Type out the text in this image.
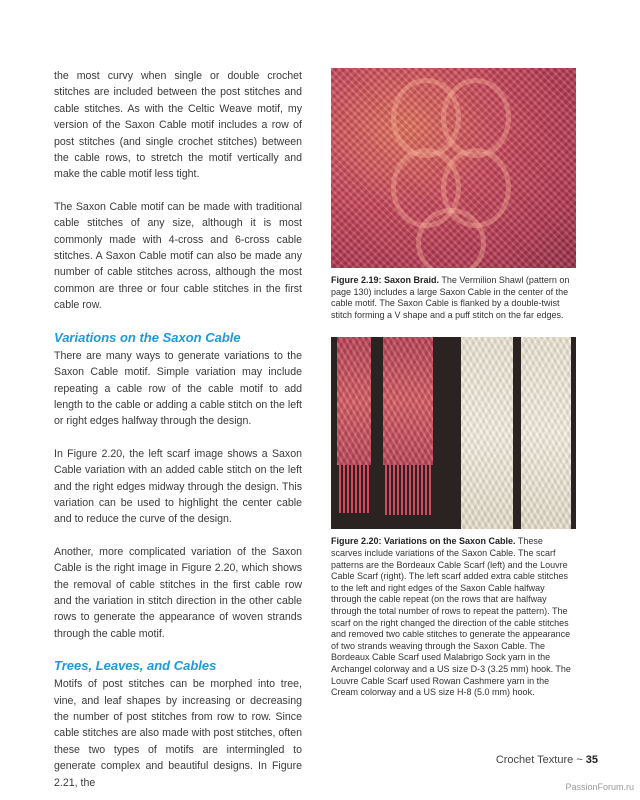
the most curvy when single or double crochet stitches are included between the post stitches and cable stitches. As with the Celtic Weave motif, my version of the Saxon Cable motif includes a row of post stitches (and single crochet stitches) between the cable rows, to stretch the motif vertically and make the cable motif less tight.

The Saxon Cable motif can be made with traditional cable stitches of any size, although it is most commonly made with 4-cross and 6-cross cable stitches. A Saxon Cable motif can also be made any number of cable stitches across, although the most common are three or four cable stitches in the first cable row.

Variations on the Saxon Cable

There are many ways to generate variations to the Saxon Cable motif. Simple variation may include repeating a cable row of the cable motif to add length to the cable or adding a cable stitch on the left or right edges halfway through the design.

In Figure 2.20, the left scarf image shows a Saxon Cable variation with an added cable stitch on the left and the right edges midway through the design. This variation can be used to highlight the center cable and to reduce the curve of the design.

Another, more complicated variation of the Saxon Cable is the right image in Figure 2.20, which shows the removal of cable stitches in the first cable row and the variation in stitch direction in the other cable rows to generate the appearance of woven strands through the cable motif.

Trees, Leaves, and Cables

Motifs of post stitches can be morphed into tree, vine, and leaf shapes by increasing or decreasing the number of post stitches from row to row. Since cable stitches are also made with post stitches, often these two types of motifs are intermingled to generate complex and beautiful designs. In Figure 2.21, the

Figure 2.19: Saxon Braid. The Vermilion Shawl (pattern on page 130) includes a large Saxon Cable in the center of the cable motif. The Saxon Cable is flanked by a double-twist stitch forming a V shape and a puff stitch on the far edges.

Figure 2.20: Variations on the Saxon Cable. These scarves include variations of the Saxon Cable. The scarf patterns are the Bordeaux Cable Scarf (left) and the Louvre Cable Scarf (right). The left scarf added extra cable stitches to the left and right edges of the Saxon Cable halfway through the cable repeat (on the rows that are halfway through the total number of rows to repeat the pattern). The scarf on the right changed the direction of the cable stitches and removed two cable stitches to generate the appearance of two strands weaving through the Saxon Cable. The Bordeaux Cable Scarf used Malabrigo Sock yarn in the Archangel colorway and a US size D-3 (3.25 mm) hook. The Louvre Cable Scarf used Rowan Cashmere yarn in the Cream colorway and a US size H-8 (5.0 mm) hook.

Crochet Texture ~ 35
PassionForum.ru
